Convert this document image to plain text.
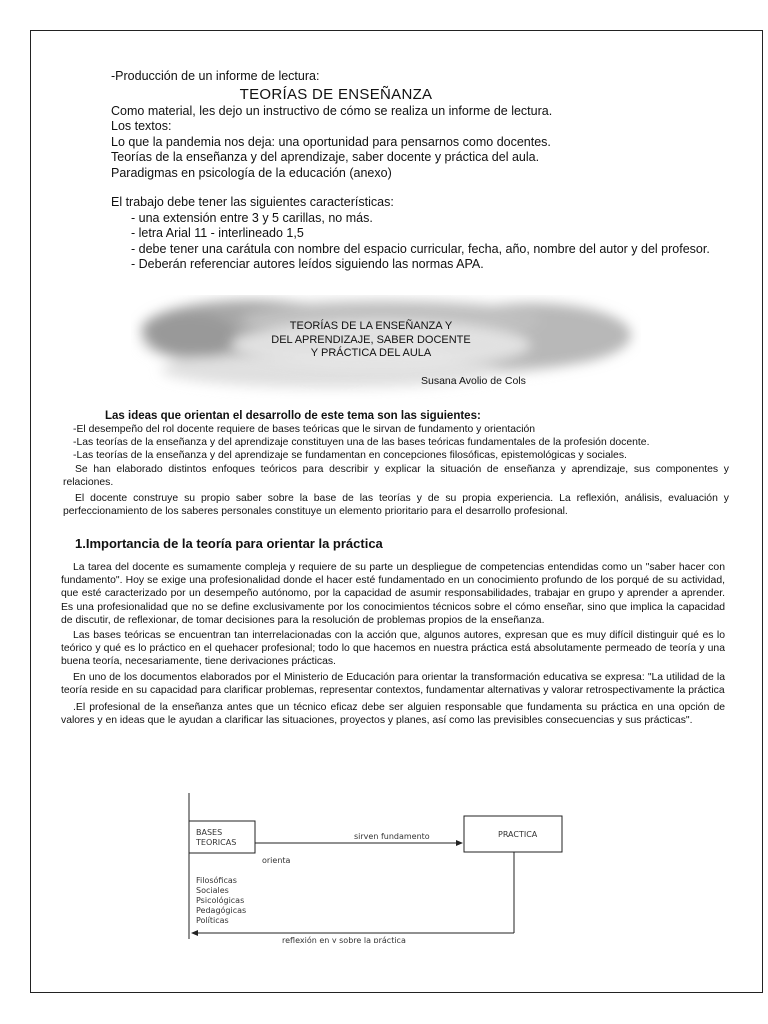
-Producción de un informe de lectura:

TEORÍAS DE ENSEÑANZA

Como material, les dejo un instructivo de cómo se realiza un informe de lectura.

Los textos:

Lo que la pandemia nos deja: una oportunidad para pensarnos como docentes.

Teorías de la enseñanza y del aprendizaje, saber docente y práctica del aula.

Paradigmas en psicología de la educación (anexo)

El trabajo debe tener las siguientes características:

- una extensión entre 3 y 5 carillas, no más.
- letra Arial 11 - interlineado 1,5
- debe tener una carátula con nombre del espacio curricular, fecha, año, nombre del autor y del profesor.
- Deberán referenciar autores leídos siguiendo las normas APA.
TEORÍAS DE LA ENSEÑANZA Y
DEL APRENDIZAJE, SABER DOCENTE
Y PRÁCTICA DEL AULA
Susana Avolio de Cols

Las ideas que orientan el desarrollo de este tema son las siguientes:

-El desempeño del rol docente requiere de bases teóricas que le sirvan de fundamento y orientación

-Las teorías de la enseñanza y del aprendizaje constituyen una de las bases teóricas fundamentales de la profesión docente.

-Las teorías de la enseñanza y del aprendizaje se fundamentan en concepciones filosóficas, epistemológicas y sociales.

Se han elaborado distintos enfoques teóricos para describir y explicar la situación de enseñanza y aprendizaje, sus componentes y relaciones.

El docente construye su propio saber sobre la base de las teorías y de su propia experiencia. La reflexión, análisis, evaluación y perfeccionamiento de los saberes personales constituye un elemento prioritario para el desarrollo profesional.

1.Importancia de la teoría para orientar la práctica

La tarea del docente es sumamente compleja y requiere de su parte un despliegue de competencias entendidas como un "saber hacer con fundamento". Hoy se exige una profesionalidad donde el hacer esté fundamentado en un conocimiento profundo de los porqué de su actividad, que esté caracterizado por un desempeño autónomo, por la capacidad de asumir responsabilidades, trabajar en grupo y aprender a aprender. Es una profesionalidad que no se define exclusivamente por los conocimientos técnicos sobre el cómo enseñar, sino que implica la capacidad de discutir, de reflexionar, de tomar decisiones para la resolución de problemas propios de la enseñanza.

Las bases teóricas se encuentran tan interrelacionadas con la acción que, algunos autores, expresan que es muy difícil distinguir qué es lo teórico y qué es lo práctico en el quehacer profesional; todo lo que hacemos en nuestra práctica está absolutamente permeado de teoría y una buena teoría, necesariamente, tiene derivaciones prácticas.

En uno de los documentos elaborados por el Ministerio de Educación para orientar la transformación educativa se expresa: "La utilidad de la teoría reside en su capacidad para clarificar problemas, representar contextos, fundamentar alternativas y valorar retrospectivamente la práctica

.El profesional de la enseñanza antes que un técnico eficaz debe ser alguien responsable que fundamenta su práctica en una opción de valores y en ideas que le ayudan a clarificar las situaciones, proyectos y planes, así como las previsibles consecuencias y sus prácticas".

BASES
TEORICAS
PRACTICA
sirven fundamento
orienta
Filosóficas
Sociales
Psicológicas
Pedagógicas
Políticas
reflexión en y sobre la práctica
